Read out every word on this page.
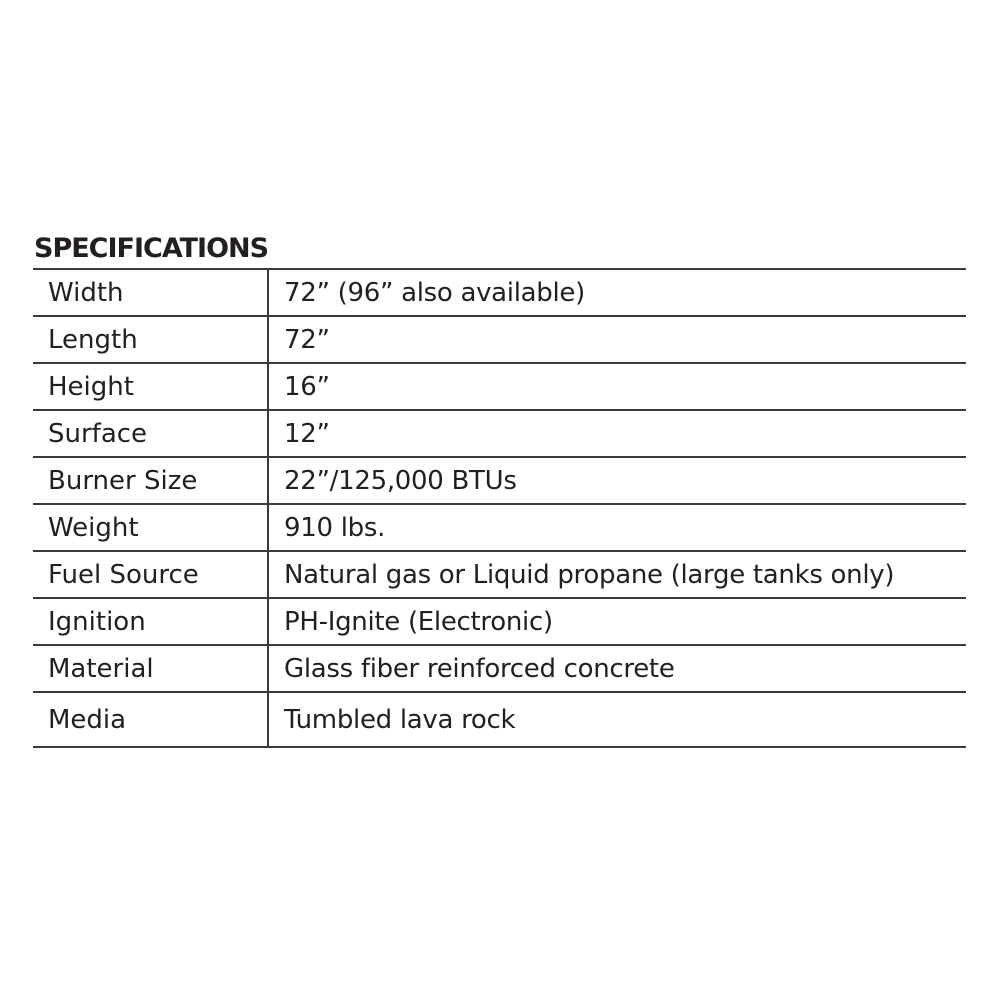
SPECIFICATIONS
Width	72” (96” also available)
Length	72”
Height	16”
Surface	12”
Burner Size	22”/125,000 BTUs
Weight	910 lbs.
Fuel Source	Natural gas or Liquid propane (large tanks only)
Ignition	PH-Ignite (Electronic)
Material	Glass fiber reinforced concrete
Media	Tumbled lava rock
